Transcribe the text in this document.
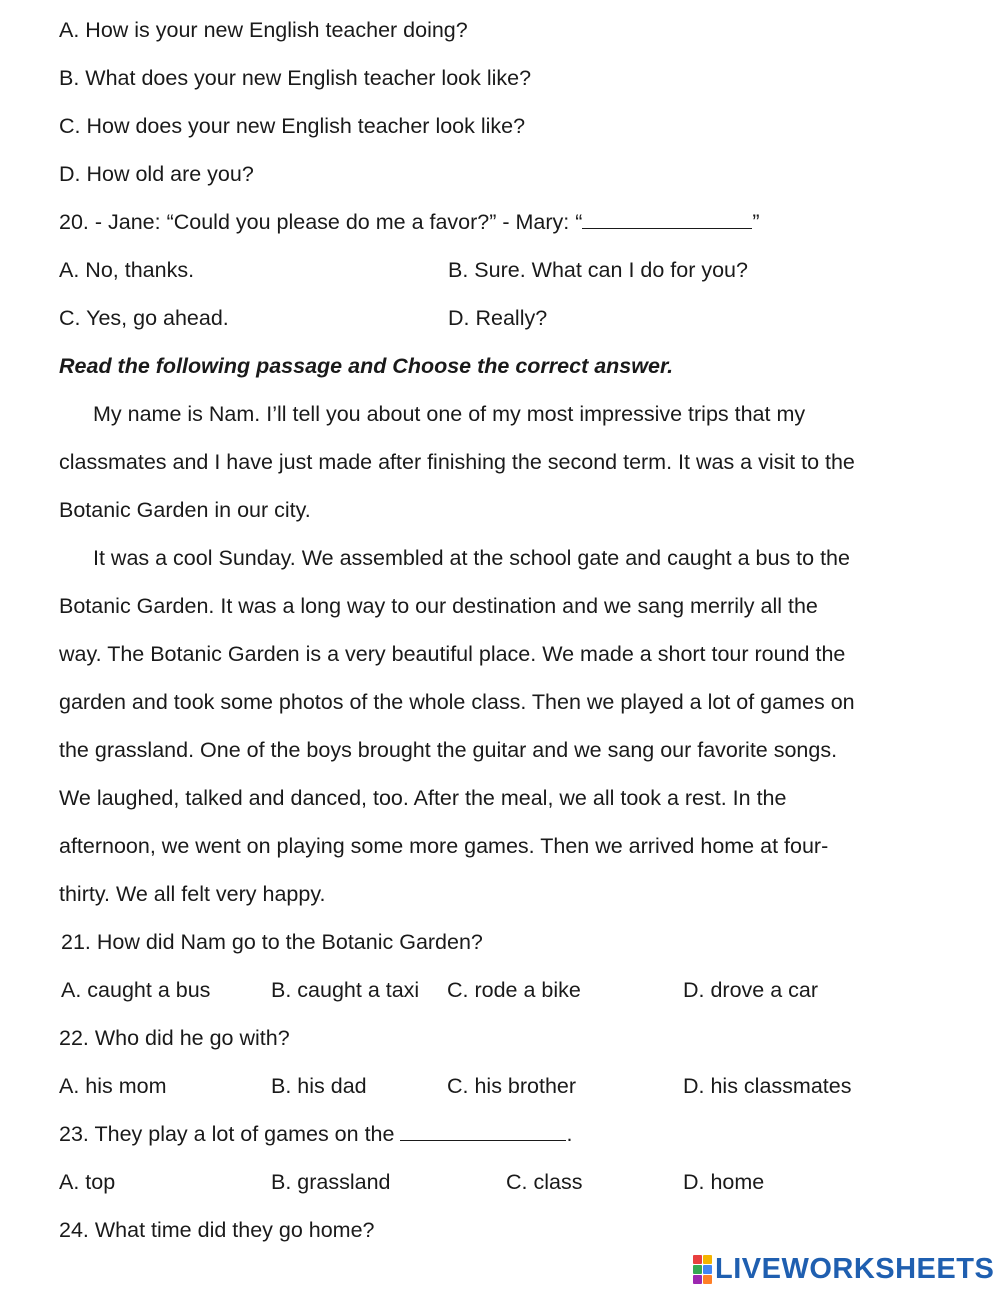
A. How is your new English teacher doing?
B. What does your new English teacher look like?
C. How does your new English teacher look like?
D. How old are you?
20. - Jane: “Could you please do me a favor?” - Mary: “	”
A. No, thanks.	B. Sure. What can I do for you?
C. Yes, go ahead.	D. Really?
Read the following passage and Choose the correct answer.
My name is Nam. I’ll tell you about one of my most impressive trips that my
classmates and I have just made after finishing the second term. It was a visit to the
Botanic Garden in our city.
It was a cool Sunday. We assembled at the school gate and caught a bus to the
Botanic Garden. It was a long way to our destination and we sang merrily all the
way. The Botanic Garden is a very beautiful place. We made a short tour round the
garden and took some photos of the whole class. Then we played a lot of games on
the grassland. One of the boys brought the guitar and we sang our favorite songs.
We laughed, talked and danced, too. After the meal, we all took a rest. In the
afternoon, we went on playing some more games. Then we arrived home at four-
thirty. We all felt very happy.
21. How did Nam go to the Botanic Garden?
A. caught a bus	B. caught a taxi C. rode a bike	D. drove a car
22. Who did he go with?
A. his mom	B. his dad	C. his brother	D. his classmates
23. They play a lot of games on the	.
A. top	B. grassland	C. class	D. home
24. What time did they go home?
LIVEWORKSHEETS
